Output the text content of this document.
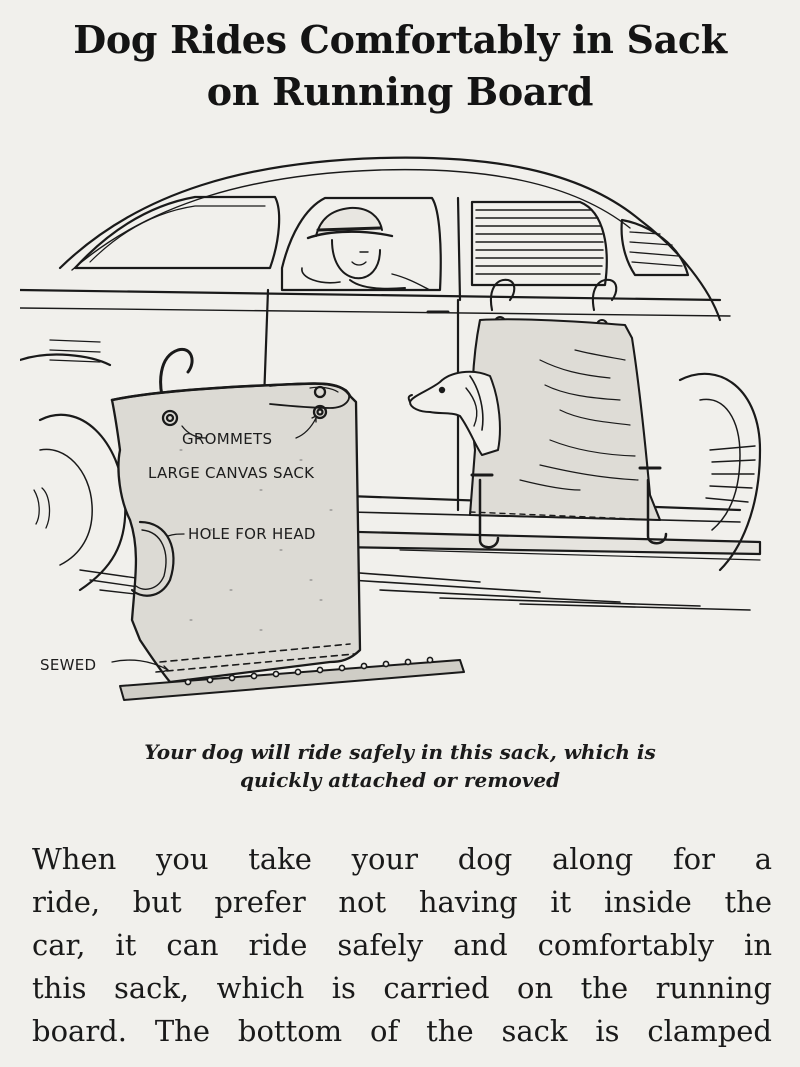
Dog Rides Comfortably in Sack
on Running Board
GROMMETS
LARGE CANVAS SACK
HOLE FOR HEAD
SEWED
Your dog will ride safely in this sack, which is
quickly attached or removed
When you take your dog along for a
ride, but prefer not having it inside the
car, it can ride safely and comfortably in
this sack, which is carried on the running
board. The bottom of the sack is clamped
